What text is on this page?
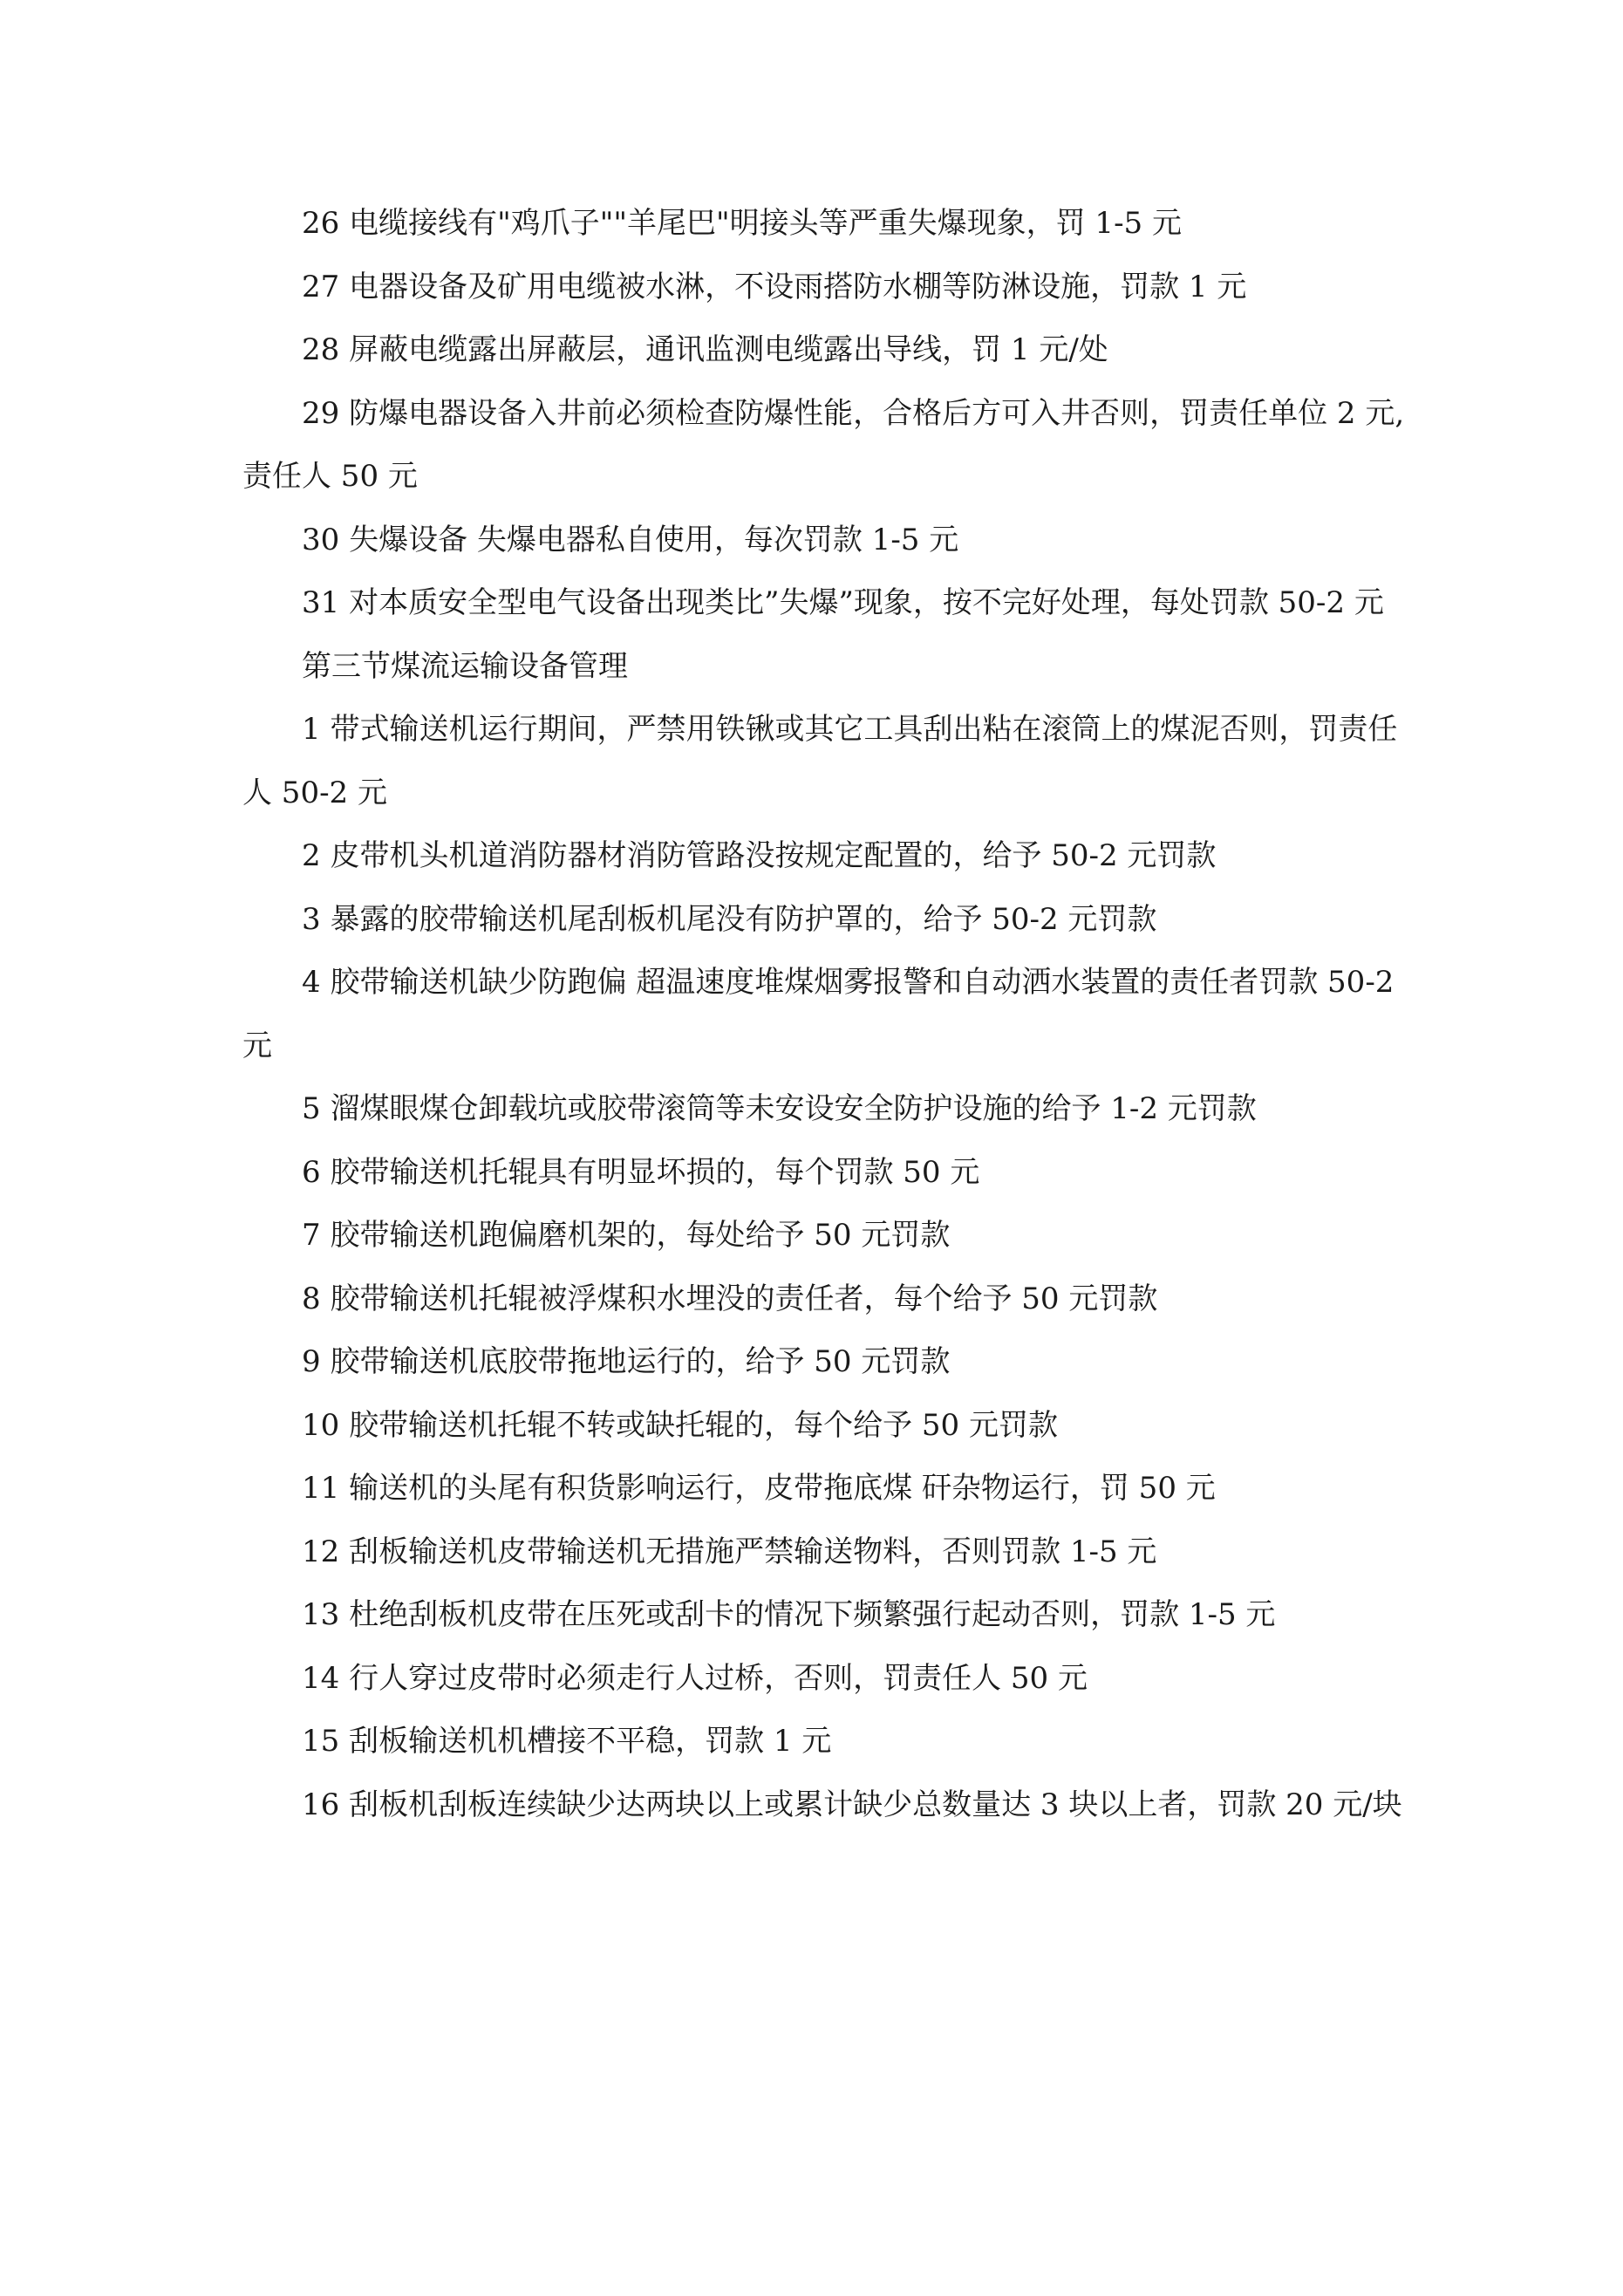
26 电缆接线有"鸡爪子""羊尾巴"明接头等严重失爆现象，罚 1-5 元

27 电器设备及矿用电缆被水淋，不设雨搭防水棚等防淋设施，罚款 1 元

28 屏蔽电缆露出屏蔽层，通讯监测电缆露出导线，罚 1 元/处

29 防爆电器设备入井前必须检查防爆性能，合格后方可入井否则，罚责任单位 2 元,责任人 50 元

30 失爆设备 失爆电器私自使用，每次罚款 1-5 元

31 对本质安全型电气设备出现类比”失爆”现象，按不完好处理，每处罚款 50-2 元

第三节煤流运输设备管理

1 带式输送机运行期间，严禁用铁锹或其它工具刮出粘在滚筒上的煤泥否则，罚责任人 50-2 元

2 皮带机头机道消防器材消防管路没按规定配置的，给予 50-2 元罚款

3 暴露的胶带输送机尾刮板机尾没有防护罩的，给予 50-2 元罚款

4 胶带输送机缺少防跑偏 超温速度堆煤烟雾报警和自动洒水装置的责任者罚款 50-2 元

5 溜煤眼煤仓卸载坑或胶带滚筒等未安设安全防护设施的给予 1-2 元罚款

6 胶带输送机托辊具有明显坏损的，每个罚款 50 元

7 胶带输送机跑偏磨机架的，每处给予 50 元罚款

8 胶带输送机托辊被浮煤积水埋没的责任者，每个给予 50 元罚款

9 胶带输送机底胶带拖地运行的，给予 50 元罚款

10 胶带输送机托辊不转或缺托辊的，每个给予 50 元罚款

11 输送机的头尾有积货影响运行，皮带拖底煤 矸杂物运行，罚 50 元

12 刮板输送机皮带输送机无措施严禁输送物料，否则罚款 1-5 元

13 杜绝刮板机皮带在压死或刮卡的情况下频繁强行起动否则，罚款 1-5 元

14 行人穿过皮带时必须走行人过桥，否则，罚责任人 50 元

15 刮板输送机机槽接不平稳，罚款 1 元

16 刮板机刮板连续缺少达两块以上或累计缺少总数量达 3 块以上者，罚款 20 元/块
